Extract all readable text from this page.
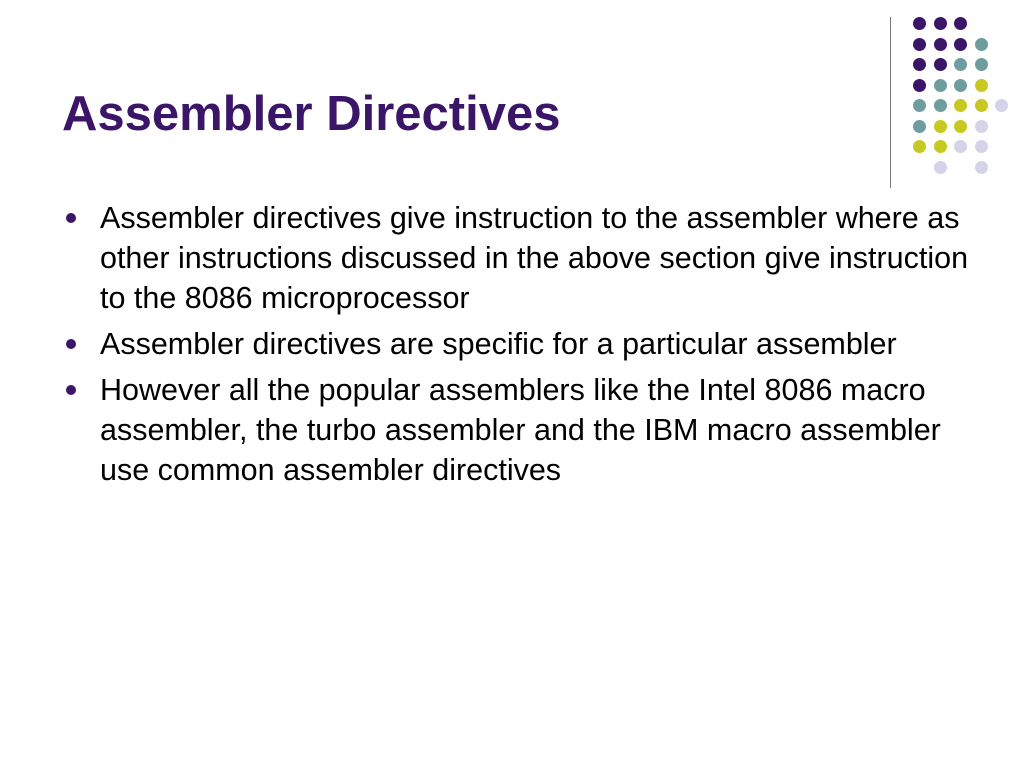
Assembler Directives
Assembler directives give instruction to the assembler where as other instructions discussed in the above section give instruction to the 8086 microprocessor
Assembler directives are specific for a particular assembler
However all the popular assemblers like the Intel 8086 macro assembler, the turbo assembler and the IBM macro assembler use common assembler directives
